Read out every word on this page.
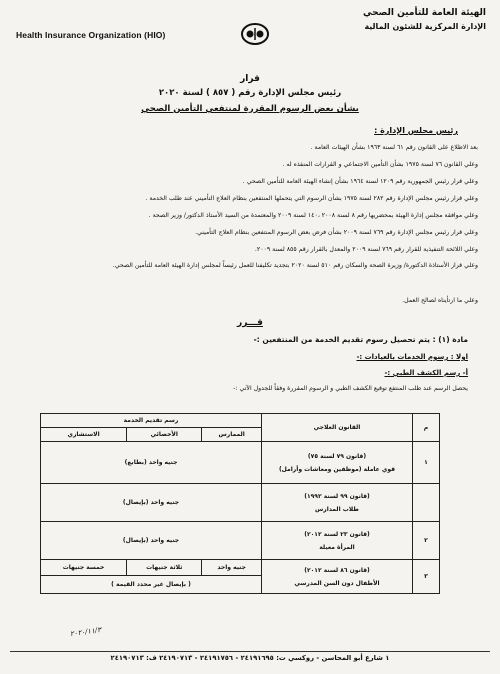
Health Insurance Organization (HIO)
الهيئة العامة للتأمين الصحي
الإدارة المركزية للشئون المالية
قرار
رئيس مجلس الإدارة رقم ( ٨٥٧ ) لسنة ٢٠٢٠
بشأن بعض الرسوم المقررة لمنتفعي التأمين الصحي
رئيس مجلس الإدارة :
بعد الاطلاع على القانون رقم ٦١ لسنة ١٩٦٣ بشأن الهيئات العامة .
وعلي القانون ٧٦ لسنة ١٩٧٥ بشأن التأمين الاجتماعي و القرارات المنفذه له .
وعلي قرار رئيس الجمهورية رقم ١٢٠٩ لسنة ١٩٦٤ بشأن إنشاء الهيئة العامة للتأمين الصحي .
وعلي قرار رئيس مجلس الإدارة رقم ٢٨٢ لسنة ١٩٧٥ بشأن الرسوم التي يتحملها المنتفعين بنظام العلاج التأميني عند طلب الخدمة .
وعلي موافقة مجلس إدارة الهيئة بمحضريها رقم ٨ لسنة ٢٠٠٨ ،١٤٠ لسنة ٢٠٠٩ والمعتمدة من السيد الأستاذ الدكتور/ وزير الصحة .
وعلي قرار رئيس مجلس الإدارة رقم ٧٦٩ لسنة ٢٠٠٩ بشأن فرض بعض الرسوم المنتفعين بنظام العلاج التأميني.
وعلي اللائحة التنفيذية للقرار رقم ٧٦٩ لسنة ٢٠٠٩ والمعدل بالقرار رقم ٨٥٥ لسنة ٢٠٠٩.
وعلي قرار الأستاذة الدكتورة/ وزيرة الصحة والسكان رقم ٥١٠ لسنة ٢٠٢٠ بتجديد تكليفنا للعمل رئيساً لمجلس إدارة الهيئة العامة للتأمين الصحي.
وعلي ما ارتأيناه لصالح العمل.
قـــرر
مادة (١) : يتم تحصيل رسوم تقديم الخدمة من المنتفعين :-
اولا : رسوم الخدمات بالعيادات :-
أ- رسم الكشف الطبي :-
يحصل الرسم عند طلب المنتفع توقيع الكشف الطبي و الرسوم المقررة وفقاً للجدول الآتي :-
م	القانون العلاجي	رسم تقديم الخدمة		
		الممارس	الأخصائي	الاستشاري
١	(قانون ٧٩ لسنة ٧٥)
قوي عاملة (موظفين ومعاشات وأرامل)	جنيه واحد (بطابع)		

	(قانون ٩٩ لسنة ١٩٩٢)
طلاب المدارس	جنيه واحد (بإيصال)		
٢	(قانون ٢٣ لسنة ٢٠١٢)
المرأة معيلة	جنيه واحد (بإيصال)		
٣	(قانون ٨٦ لسنة ٢٠١٢)
الأطفال دون السن المدرسي	جنيه واحد	ثلاثة جنيهات	خمسة جنيهات
		( بإيصال غير محدد القيمة )		
٢٠٢٠/١١/٣
١ شارع أبو المحاسن - روكسي ت: ٢٤١٩١٦٩٥ - ٢٤١٩١٧٥٦ - ٢٤١٩٠٧١٣ ف: ٢٤١٩٠٧١٣
